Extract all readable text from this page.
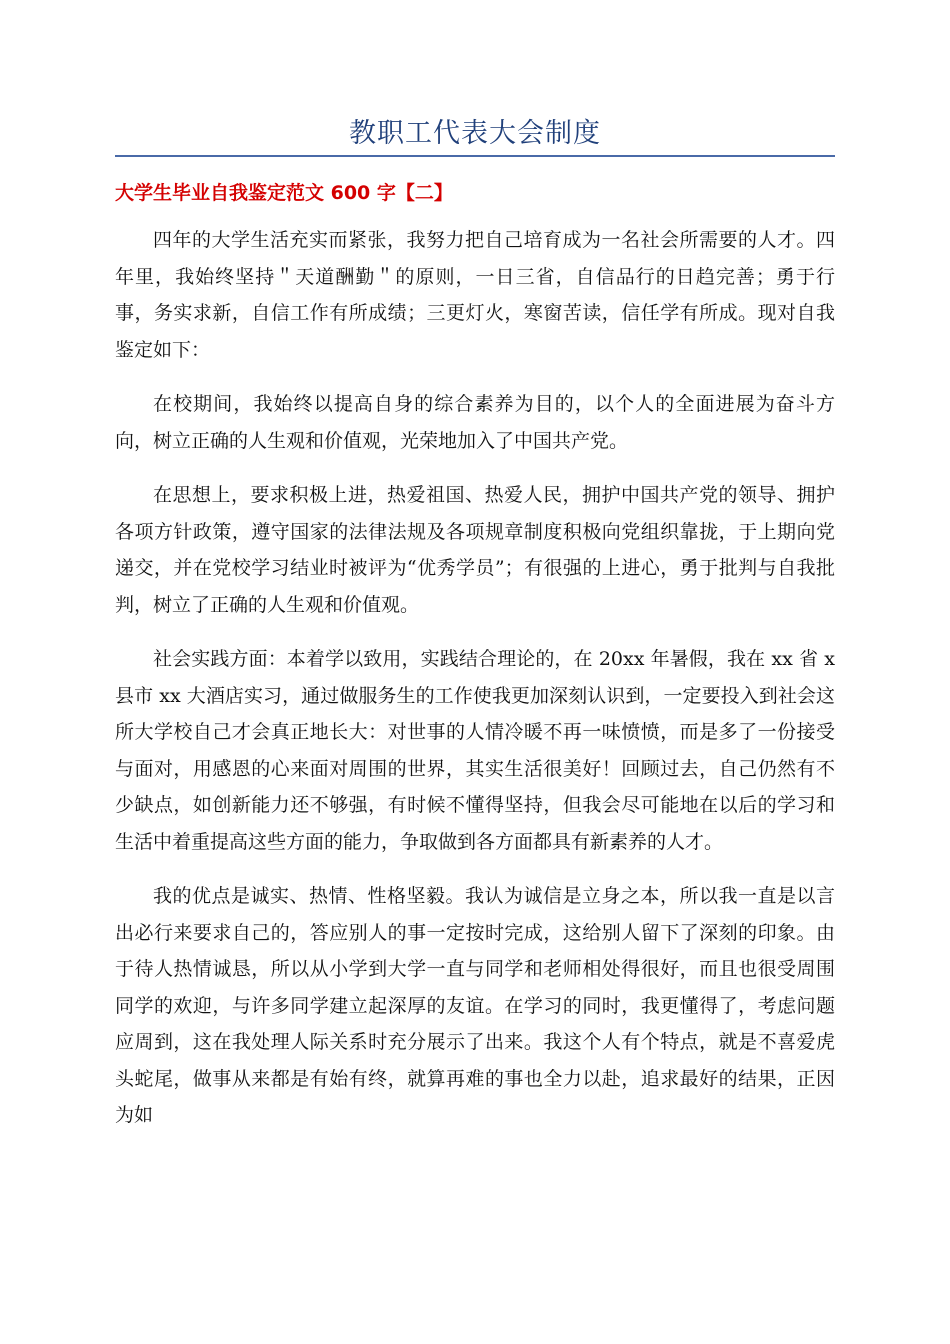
教职工代表大会制度
大学生毕业自我鉴定范文 600 字【二】

四年的大学生活充实而紧张，我努力把自己培育成为一名社会所需要的人才。四年里，我始终坚持＂天道酬勤＂的原则，一日三省，自信品行的日趋完善；勇于行事，务实求新，自信工作有所成绩；三更灯火，寒窗苦读，信任学有所成。现对自我鉴定如下：

在校期间，我始终以提高自身的综合素养为目的，以个人的全面进展为奋斗方向，树立正确的人生观和价值观，光荣地加入了中国共产党。

在思想上，要求积极上进，热爱祖国、热爱人民，拥护中国共产党的领导、拥护各项方针政策，遵守国家的法律法规及各项规章制度积极向党组织靠拢，于上期向党递交，并在党校学习结业时被评为“优秀学员”；有很强的上进心，勇于批判与自我批判，树立了正确的人生观和价值观。

社会实践方面：本着学以致用，实践结合理论的，在 20xx 年暑假，我在 xx 省 x 县市 xx 大酒店实习，通过做服务生的工作使我更加深刻认识到，一定要投入到社会这所大学校自己才会真正地长大：对世事的人情冷暖不再一味愤愤，而是多了一份接受与面对，用感恩的心来面对周围的世界，其实生活很美好！回顾过去，自己仍然有不少缺点，如创新能力还不够强，有时候不懂得坚持，但我会尽可能地在以后的学习和生活中着重提高这些方面的能力，争取做到各方面都具有新素养的人才。

我的优点是诚实、热情、性格坚毅。我认为诚信是立身之本，所以我一直是以言出必行来要求自己的，答应别人的事一定按时完成，这给别人留下了深刻的印象。由于待人热情诚恳，所以从小学到大学一直与同学和老师相处得很好，而且也很受周围同学的欢迎，与许多同学建立起深厚的友谊。在学习的同时，我更懂得了，考虑问题应周到，这在我处理人际关系时充分展示了出来。我这个人有个特点，就是不喜爱虎头蛇尾，做事从来都是有始有终，就算再难的事也全力以赴，追求最好的结果，正因为如
